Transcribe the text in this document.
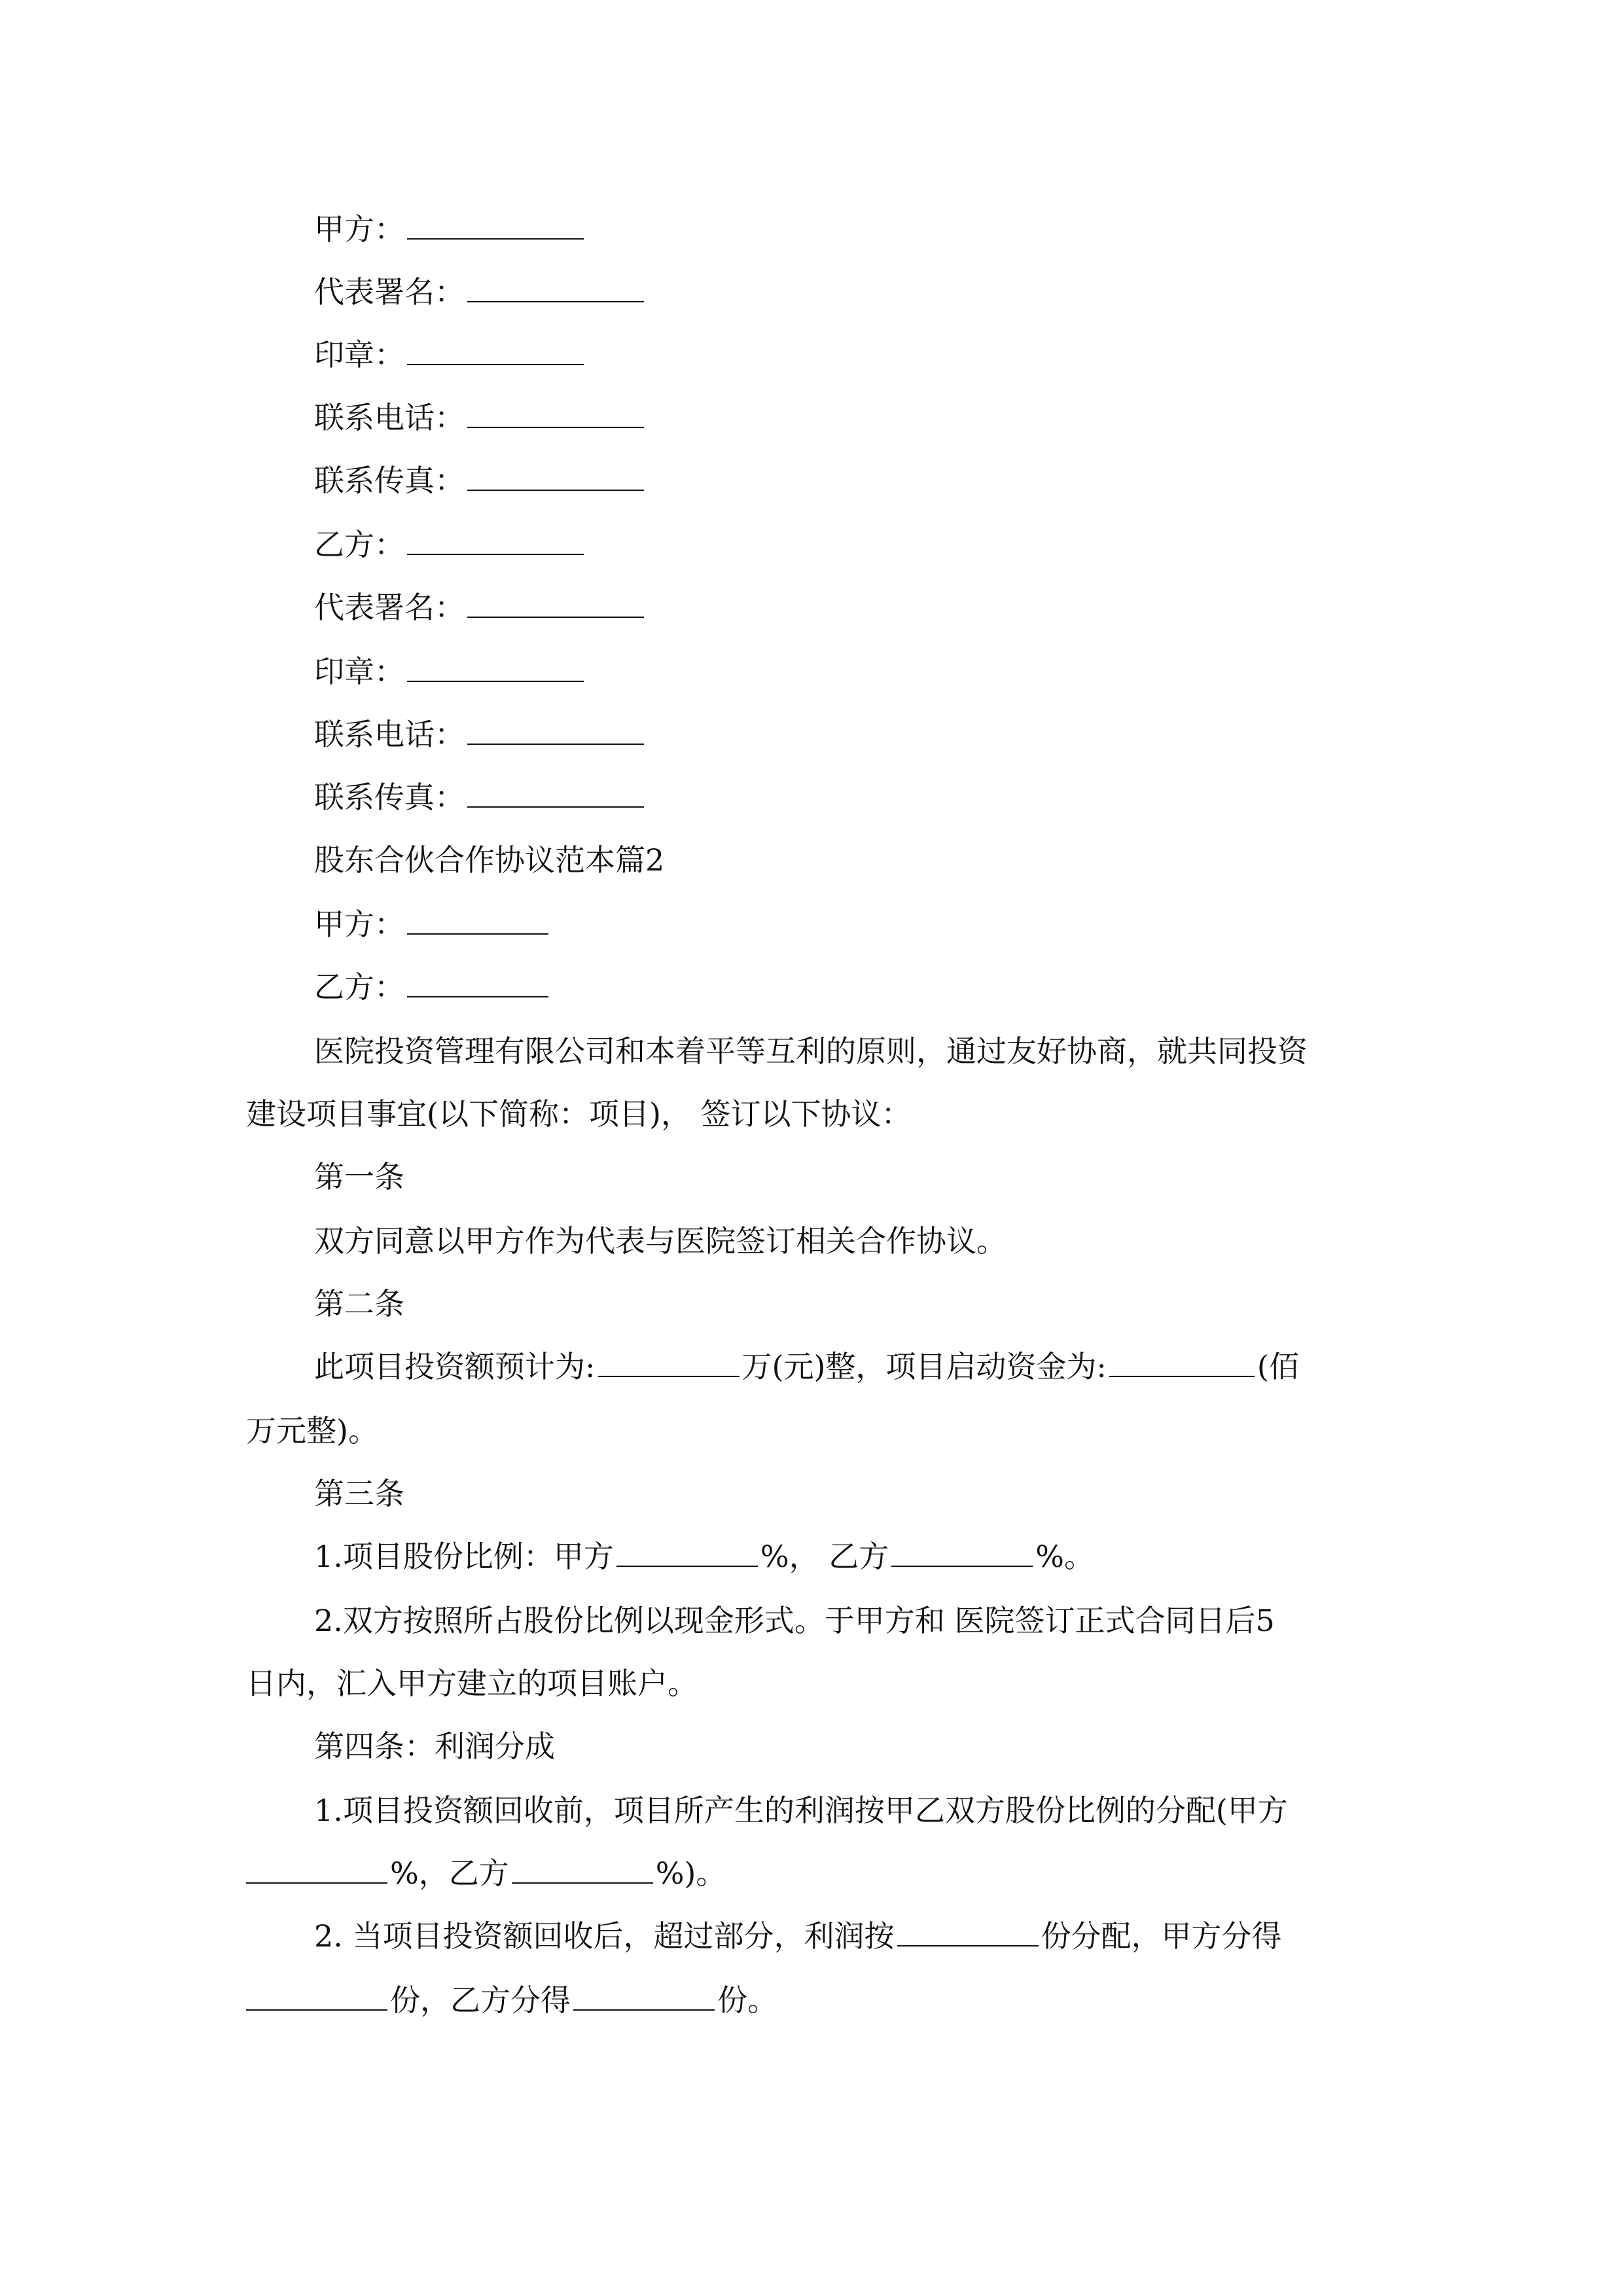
甲方：
代表署名：
印章：
联系电话：
联系传真：
乙方：
代表署名：
印章：
联系电话：
联系传真：
股东合伙合作协议范本篇2
甲方：
乙方：
医院投资管理有限公司和本着平等互利的原则，通过友好协商，就共同投资
建设项目事宜(以下简称：项目)， 签订以下协议：
第一条
双方同意以甲方作为代表与医院签订相关合作协议。
第二条
此项目投资额预计为:	万(元)整，项目启动资金为:	(佰
万元整)。
第三条
1.项目股份比例：甲方	%， 乙方	%。
2.双方按照所占股份比例以现金形式。于甲方和 医院签订正式合同日后5
日内，汇入甲方建立的项目账户。
第四条：利润分成
1.项目投资额回收前，项目所产生的利润按甲乙双方股份比例的分配(甲方
%，乙方	%)。
2. 当项目投资额回收后，超过部分，利润按	份分配，甲方分得
份，乙方分得	份。
